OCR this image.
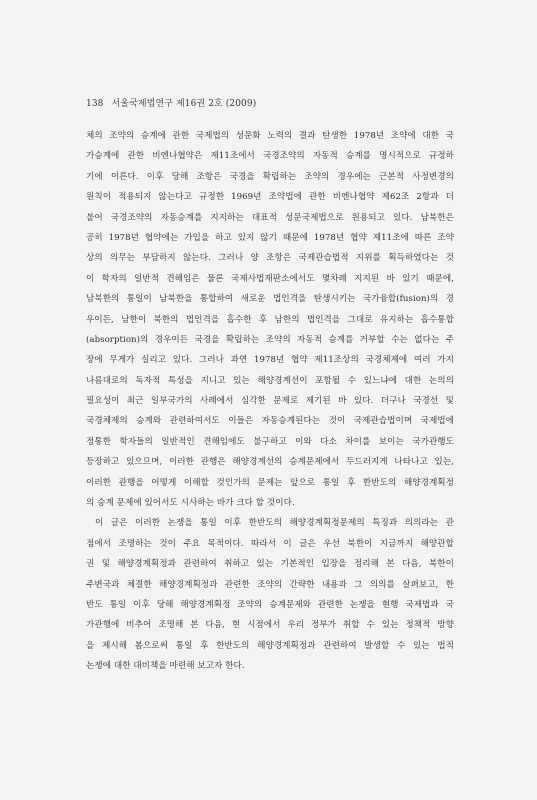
138 서울국제법연구 제16권 2호 (2009)
체의 조약의 승계에 관한 국제법의 성문화 노력의 결과 탄생한 1978년 조약에 대한 국
가승계에 관한 비엔나협약은 제11조에서 국경조약의 자동적 승계를 명시적으로 규정하
기에 이른다. 이후 당해 조항은 국경을 확립하는 조약의 경우에는 근본적 사정변경의
원칙이 적용되지 않는다고 규정한 1969년 조약법에 관한 비엔나협약 제62조 2항과 더
불어 국경조약의 자동승계를 지지하는 대표적 성문국제법으로 원용되고 있다. 남북한은
공히 1978년 협약에는 가입을 하고 있지 않기 때문에 1978년 협약 제11조에 따른 조약
상의 의무는 부담하지 않는다. 그러나 양 조항은 국제관습법적 지위를 획득하였다는 것
이 학자의 일반적 견해임은 물론 국제사법재판소에서도 몇차례 지지된 바 있기 때문에,
남북한의 통일이 남북한을 통합하여 새로운 법인격을 탄생시키는 국가융합(fusion)의 경
우이든, 남한이 북한의 법인격을 흡수한 후 남한의 법인격을 그대로 유지하는 흡수통합
(absorption)의 경우이든 국경을 확립하는 조약의 자동적 승계를 거부할 수는 없다는 주
장에 무게가 실리고 있다. 그러나 과연 1978년 협약 제11조상의 국경체제에 여러 가지
나름대로의 독자적 특성을 지니고 있는 해양경계선이 포함될 수 있느냐에 대한 논의의
필요성이 최근 일부국가의 사례에서 심각한 문제로 제기된 바 있다. 더구나 국경선 및
국경체제의 승계와 관련하여서도 이들은 자동승계된다는 것이 국제관습법이며 국제법에
정통한 학자들의 일반적인 견해임에도 불구하고 이와 다소 차이를 보이는 국가관행도
등장하고 있으므며, 이러한 관행은 해양경계선의 승계문제에서 두드러지게 나타나고 있는,
이러한 관행을 어떻게 이해할 것인가의 문제는 앞으로 통일 후 한반도의 해양경계획정
의 승계 문제에 있어서도 시사하는 바가 크다 할 것이다.
이 글은 이러한 논쟁을 통일 이후 한반도의 해양경계획정문제의 특징과 의의라는 관
점에서 조명하는 것이 주요 목적이다. 따라서 이 글은 우선 북한이 지금까지 해양관할
권 및 해양경계획정과 관련하여 취하고 있는 기본적인 입장을 정리해 본 다음, 북한이
주변국과 체결한 해양경계획정과 관련한 조약의 간략한 내용과 그 의의를 살펴보고, 한
반도 통일 이후 당해 해양경계획정 조약의 승계문제와 관련한 논쟁을 현행 국제법과 국
가관행에 비추어 조명해 본 다음, 현 시점에서 우리 정부가 취할 수 있는 정책적 방향
을 제시해 봄으로써 통일 후 한반도의 해양경계획정과 관련하여 발생할 수 있는 법적
논쟁에 대한 대비책을 마련해 보고자 한다.
